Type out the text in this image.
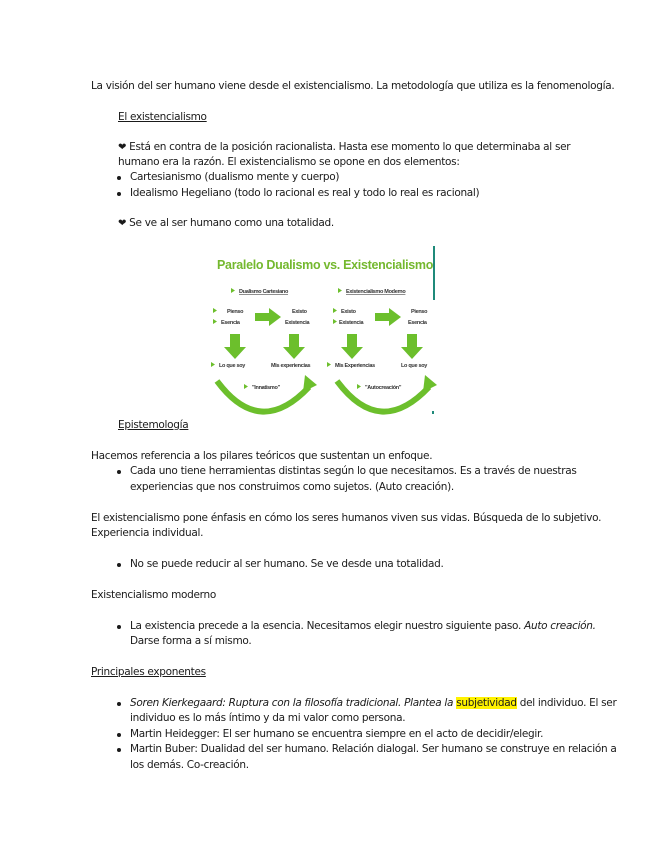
La visión del ser humano viene desde el existencialismo. La metodología que utiliza es la fenomenología.
El existencialismo
❤ Está en contra de la posición racionalista. Hasta ese momento lo que determinaba al ser
humano era la razón. El existencialismo se opone en dos elementos:
Cartesianismo (dualismo mente y cuerpo)
Idealismo Hegeliano (todo lo racional es real y todo lo real es racional)
❤ Se ve al ser humano como una totalidad.
Paralelo Dualismo vs. Existencialismo
Dualismo Cartesiano	Existencialismo Moderno
Pienso
Esencia
Existo
Existencia
Existo
Existencia
Pienso
Esencia
Lo que soy	Mis experiencias	Mis Experiencias	Lo que soy
"Innatismo"	"Autocreación"
Epistemología
Hacemos referencia a los pilares teóricos que sustentan un enfoque.
Cada uno tiene herramientas distintas según lo que necesitamos. Es a través de nuestras
experiencias que nos construimos como sujetos. (Auto creación).
El existencialismo pone énfasis en cómo los seres humanos viven sus vidas. Búsqueda de lo subjetivo.
Experiencia individual.
No se puede reducir al ser humano. Se ve desde una totalidad.
Existencialismo moderno
La existencia precede a la esencia. Necesitamos elegir nuestro siguiente paso. Auto creación.
Darse forma a sí mismo.
Principales exponentes
Soren Kierkegaard: Ruptura con la filosofía tradicional. Plantea la subjetividad del individuo. El ser
individuo es lo más íntimo y da mi valor como persona.
Martin Heidegger: El ser humano se encuentra siempre en el acto de decidir/elegir.
Martin Buber: Dualidad del ser humano. Relación dialogal. Ser humano se construye en relación a
los demás. Co-creación.
